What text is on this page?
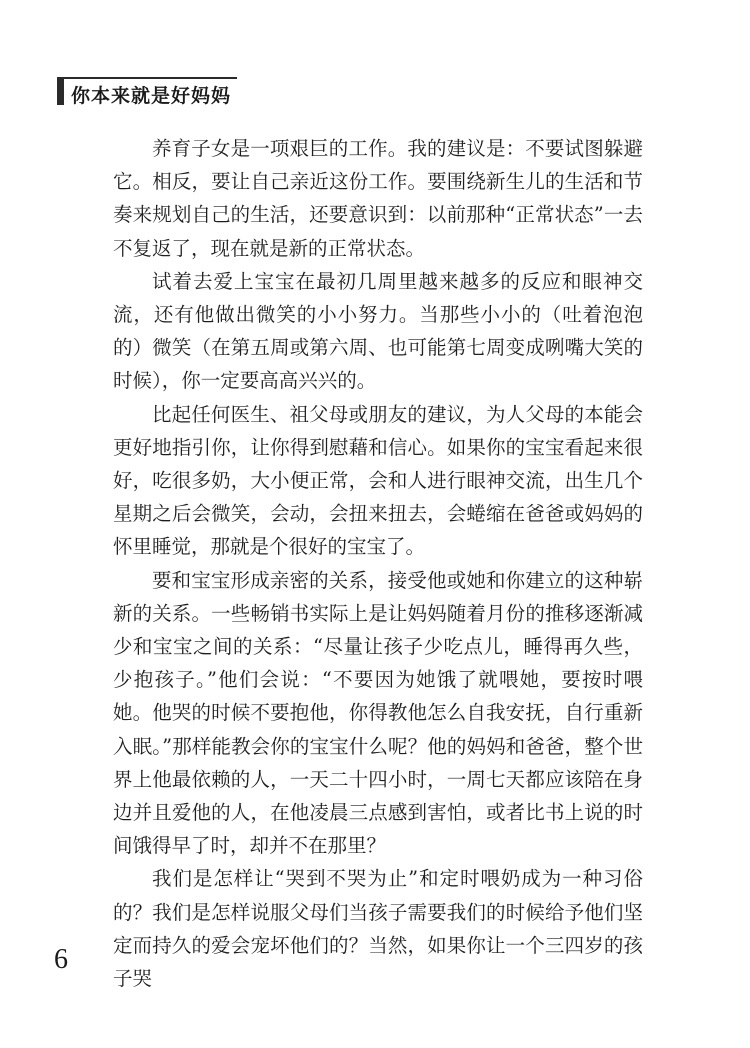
你本来就是好妈妈

养育子女是一项艰巨的工作。我的建议是：不要试图躲避它。相反，要让自己亲近这份工作。要围绕新生儿的生活和节奏来规划自己的生活，还要意识到：以前那种“正常状态”一去不复返了，现在就是新的正常状态。

试着去爱上宝宝在最初几周里越来越多的反应和眼神交流，还有他做出微笑的小小努力。当那些小小的（吐着泡泡的）微笑（在第五周或第六周、也可能第七周变成咧嘴大笑的时候），你一定要高高兴兴的。

比起任何医生、祖父母或朋友的建议，为人父母的本能会更好地指引你，让你得到慰藉和信心。如果你的宝宝看起来很好，吃很多奶，大小便正常，会和人进行眼神交流，出生几个星期之后会微笑，会动，会扭来扭去，会蜷缩在爸爸或妈妈的怀里睡觉，那就是个很好的宝宝了。

要和宝宝形成亲密的关系，接受他或她和你建立的这种崭新的关系。一些畅销书实际上是让妈妈随着月份的推移逐渐减少和宝宝之间的关系：“尽量让孩子少吃点儿，睡得再久些，少抱孩子。”他们会说：“不要因为她饿了就喂她，要按时喂她。他哭的时候不要抱他，你得教他怎么自我安抚，自行重新入眠。”那样能教会你的宝宝什么呢？他的妈妈和爸爸，整个世界上他最依赖的人，一天二十四小时，一周七天都应该陪在身边并且爱他的人，在他凌晨三点感到害怕，或者比书上说的时间饿得早了时，却并不在那里？

我们是怎样让“哭到不哭为止”和定时喂奶成为一种习俗的？我们是怎样说服父母们当孩子需要我们的时候给予他们坚定而持久的爱会宠坏他们的？当然，如果你让一个三四岁的孩子哭

6
